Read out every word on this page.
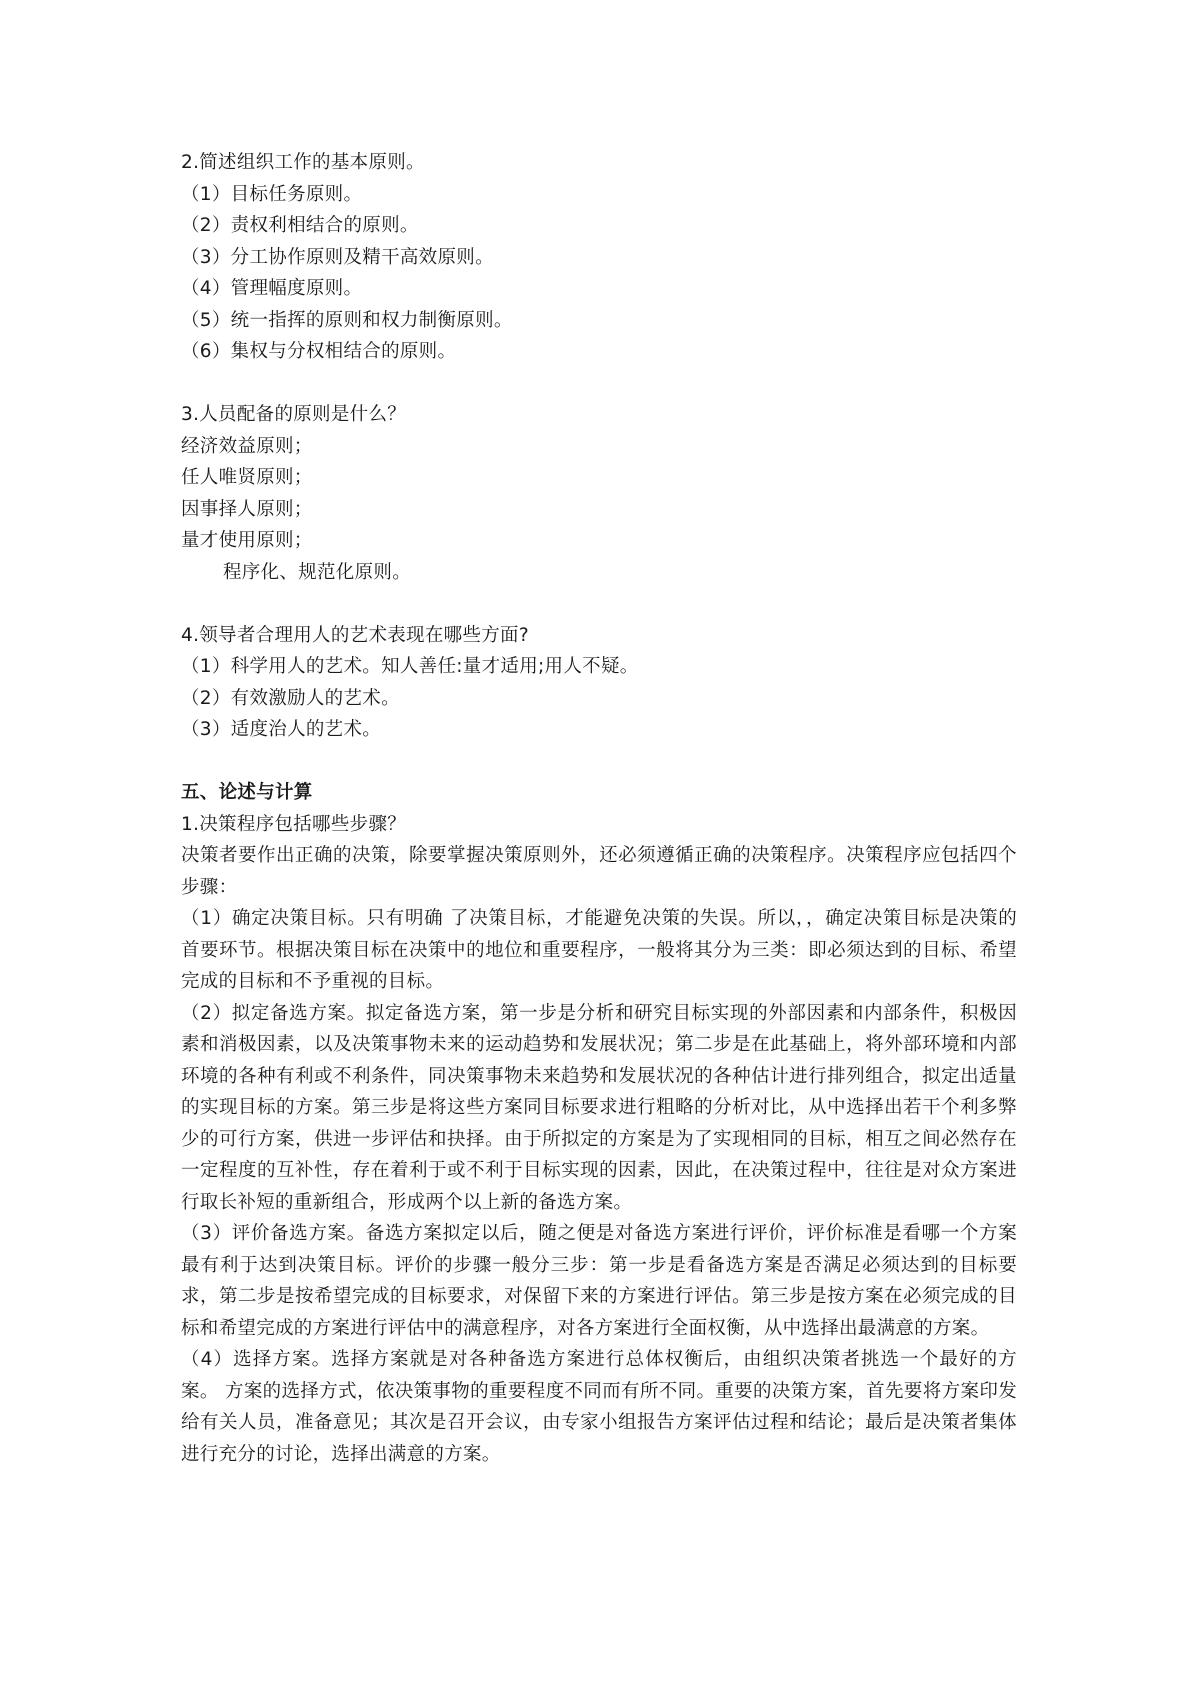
2.简述组织工作的基本原则。
（1）目标任务原则。
（2）责权利相结合的原则。
（3）分工协作原则及精干高效原则。
（4）管理幅度原则。
（5）统一指挥的原则和权力制衡原则。
（6）集权与分权相结合的原则。
3.人员配备的原则是什么？
经济效益原则；
任人唯贤原则；
因事择人原则；
量才使用原则；
程序化、规范化原则。
4.领导者合理用人的艺术表现在哪些方面?
（1）科学用人的艺术。知人善任:量才适用;用人不疑。
（2）有效激励人的艺术。
（3）适度治人的艺术。
五、论述与计算
1.决策程序包括哪些步骤？

决策者要作出正确的决策，除要掌握决策原则外，还必须遵循正确的决策程序。决策程序应包括四个步骤：

（1）确定决策目标。只有明确 了决策目标，才能避免决策的失误。所以，，确定决策目标是决策的首要环节。根据决策目标在决策中的地位和重要程序，一般将其分为三类：即必须达到的目标、希望完成的目标和不予重视的目标。

（2）拟定备选方案。拟定备选方案，第一步是分析和研究目标实现的外部因素和内部条件，积极因素和消极因素，以及决策事物未来的运动趋势和发展状况；第二步是在此基础上，将外部环境和内部环境的各种有利或不利条件，同决策事物未来趋势和发展状况的各种估计进行排列组合，拟定出适量的实现目标的方案。第三步是将这些方案同目标要求进行粗略的分析对比，从中选择出若干个利多弊少的可行方案，供进一步评估和抉择。由于所拟定的方案是为了实现相同的目标，相互之间必然存在一定程度的互补性，存在着利于或不利于目标实现的因素，因此，在决策过程中，往往是对众方案进行取长补短的重新组合，形成两个以上新的备选方案。

（3）评价备选方案。备选方案拟定以后，随之便是对备选方案进行评价，评价标准是看哪一个方案最有利于达到决策目标。评价的步骤一般分三步：第一步是看备选方案是否满足必须达到的目标要求，第二步是按希望完成的目标要求，对保留下来的方案进行评估。第三步是按方案在必须完成的目标和希望完成的方案进行评估中的满意程序，对各方案进行全面权衡，从中选择出最满意的方案。

（4）选择方案。选择方案就是对各种备选方案进行总体权衡后，由组织决策者挑选一个最好的方案。 方案的选择方式，依决策事物的重要程度不同而有所不同。重要的决策方案，首先要将方案印发给有关人员，准备意见；其次是召开会议，由专家小组报告方案评估过程和结论；最后是决策者集体进行充分的讨论，选择出满意的方案。
